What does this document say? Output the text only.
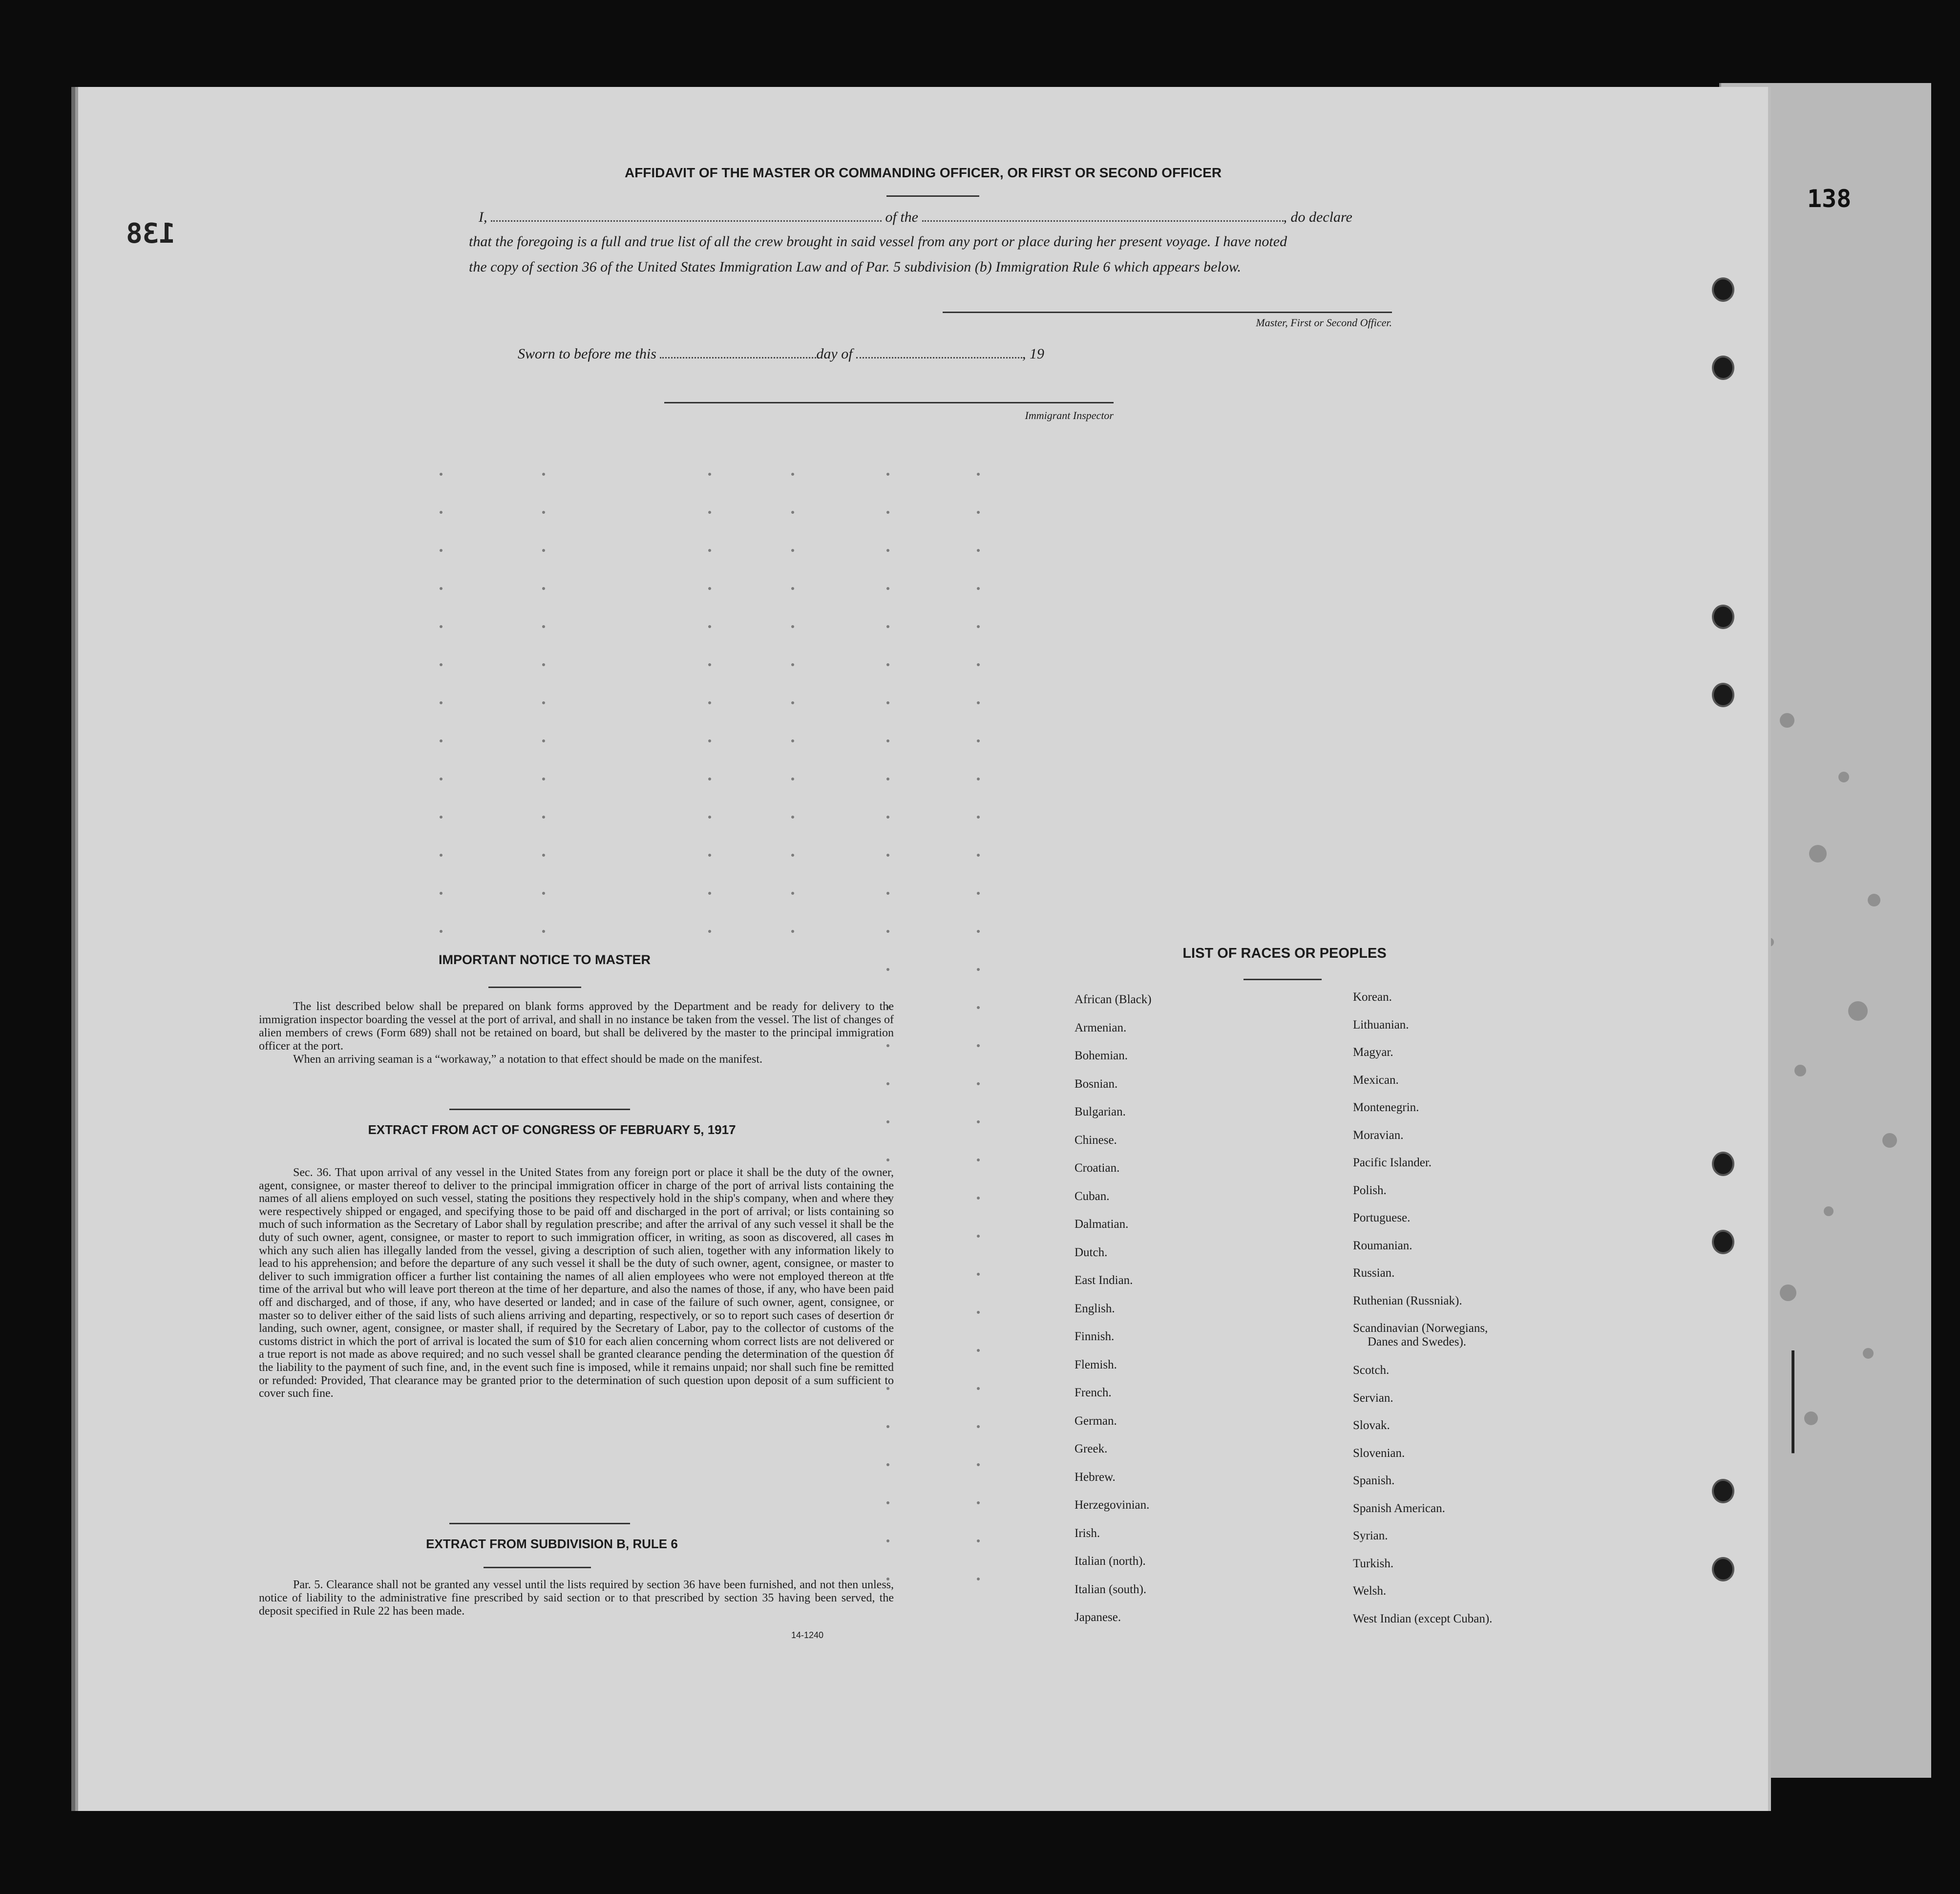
138
|
|
|
138
AFFIDAVIT OF THE MASTER OR COMMANDING OFFICER, OR FIRST OR SECOND OFFICER
I,	of the	, do declare
that the foregoing is a full and true list of all the crew brought in said vessel from any port or place during her present voyage. I have noted
the copy of section 36 of the United States Immigration Law and of Par. 5 subdivision (b) Immigration Rule 6 which appears below.
Master, First or Second Officer.
Sworn to before me this	day of	, 19
Immigrant Inspector
IMPORTANT NOTICE TO MASTER
The list described below shall be prepared on blank forms approved by the Department and be ready for delivery to the immigration inspector boarding the vessel at the port of arrival, and shall in no instance be taken from the vessel. The list of changes of alien members of crews (Form 689) shall not be retained on board, but shall be delivered by the master to the principal immigration officer at the port.
When an arriving seaman is a “workaway,” a notation to that effect should be made on the manifest.
EXTRACT FROM ACT OF CONGRESS OF FEBRUARY 5, 1917
Sec. 36. That upon arrival of any vessel in the United States from any foreign port or place it shall be the duty of the owner, agent, consignee, or master thereof to deliver to the principal immigration officer in charge of the port of arrival lists containing the names of all aliens employed on such vessel, stating the positions they respectively hold in the ship's company, when and where they were respectively shipped or engaged, and specifying those to be paid off and discharged in the port of arrival; or lists containing so much of such information as the Secretary of Labor shall by regulation prescribe; and after the arrival of any such vessel it shall be the duty of such owner, agent, consignee, or master to report to such immigration officer, in writing, as soon as discovered, all cases in which any such alien has illegally landed from the vessel, giving a description of such alien, together with any information likely to lead to his apprehension; and before the departure of any such vessel it shall be the duty of such owner, agent, consignee, or master to deliver to such immigration officer a further list containing the names of all alien employees who were not employed thereon at the time of the arrival but who will leave port thereon at the time of her departure, and also the names of those, if any, who have been paid off and discharged, and of those, if any, who have deserted or landed; and in case of the failure of such owner, agent, consignee, or master so to deliver either of the said lists of such aliens arriving and departing, respectively, or so to report such cases of desertion or landing, such owner, agent, consignee, or master shall, if required by the Secretary of Labor, pay to the collector of customs of the customs district in which the port of arrival is located the sum of $10 for each alien concerning whom correct lists are not delivered or a true report is not made as above required; and no such vessel shall be granted clearance pending the determination of the question of the liability to the payment of such fine, and, in the event such fine is imposed, while it remains unpaid; nor shall such fine be remitted or refunded: Provided, That clearance may be granted prior to the determination of such question upon deposit of a sum sufficient to cover such fine.
EXTRACT FROM SUBDIVISION B, RULE 6
Par. 5. Clearance shall not be granted any vessel until the lists required by section 36 have been furnished, and not then unless, notice of liability to the administrative fine prescribed by said section or to that prescribed by section 35 having been served, the deposit specified in Rule 22 has been made.
14-1240
LIST OF RACES OR PEOPLES
African (Black)
Armenian.
Bohemian.
Bosnian.
Bulgarian.
Chinese.
Croatian.
Cuban.
Dalmatian.
Dutch.
East Indian.
English.
Finnish.
Flemish.
French.
German.
Greek.
Hebrew.
Herzegovinian.
Irish.
Italian (north).
Italian (south).
Japanese.
Korean.
Lithuanian.
Magyar.
Mexican.
Montenegrin.
Moravian.
Pacific Islander.
Polish.
Portuguese.
Roumanian.
Russian.
Ruthenian (Russniak).
Scandinavian (Norwegians,
Danes and Swedes).
Scotch.
Servian.
Slovak.
Slovenian.
Spanish.
Spanish American.
Syrian.
Turkish.
Welsh.
West Indian (except Cuban).
